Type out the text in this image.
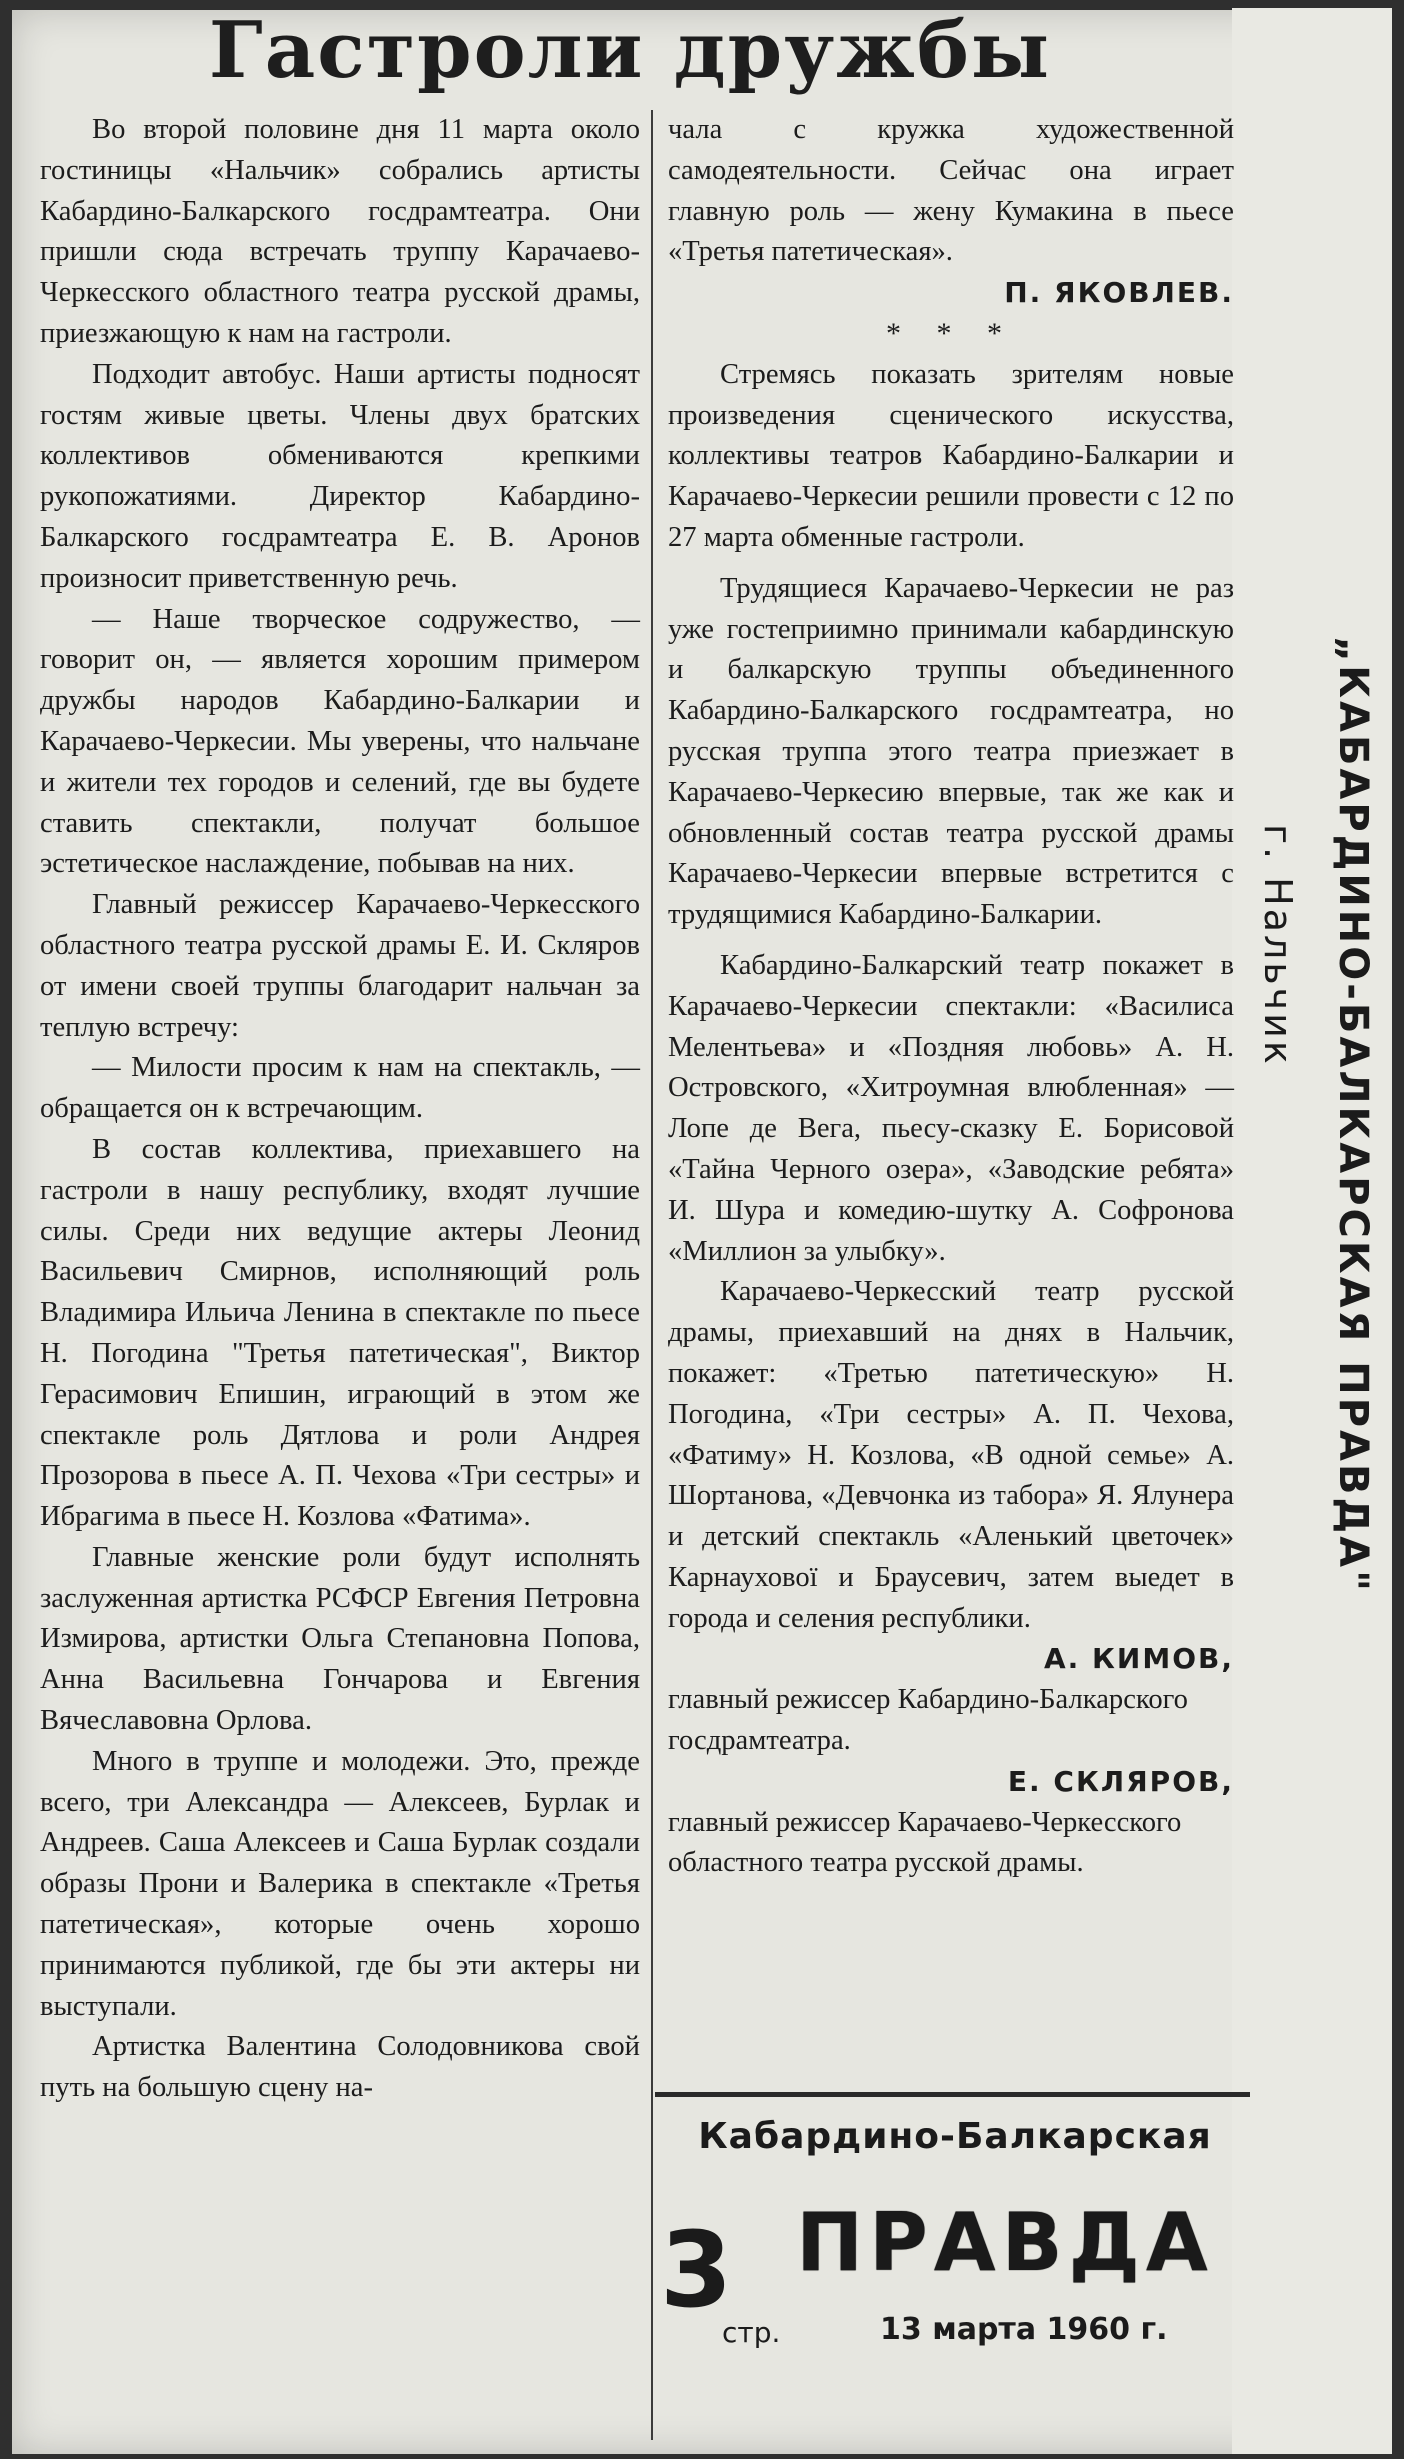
Гастроли дружбы

Во второй половине дня 11 марта около гостиницы «Нальчик» собрались артисты Кабардино-Балкарского госдрамтеатра. Они пришли сюда встречать труппу Карачаево-Черкесского областного театра русской драмы, приезжающую к нам на гастроли.

Подходит автобус. Наши артисты подносят гостям живые цветы. Члены двух братских коллективов обмениваются крепкими рукопожатиями. Директор Кабардино-Балкарского госдрамтеатра Е. В. Аронов произносит приветственную речь.

— Наше творческое содружество, — говорит он, — является хорошим примером дружбы народов Кабардино-Балкарии и Карачаево-Черкесии. Мы уверены, что нальчане и жители тех городов и селений, где вы будете ставить спектакли, получат большое эстетическое наслаждение, побывав на них.

Главный режиссер Карачаево-Черкесского областного театра русской драмы Е. И. Скляров от имени своей труппы благодарит нальчан за теплую встречу:

— Милости просим к нам на спектакль, — обращается он к встречающим.

В состав коллектива, приехавшего на гастроли в нашу республику, входят лучшие силы. Среди них ведущие актеры Леонид Васильевич Смирнов, исполняющий роль Владимира Ильича Ленина в спектакле по пьесе Н. Погодина "Третья патетическая", Виктор Герасимович Епишин, играющий в этом же спектакле роль Дятлова и роли Андрея Прозорова в пьесе А. П. Чехова «Три сестры» и Ибрагима в пьесе Н. Козлова «Фатима».

Главные женские роли будут исполнять заслуженная артистка РСФСР Евгения Петровна Измирова, артистки Ольга Степановна Попова, Анна Васильевна Гончарова и Евгения Вячеславовна Орлова.

Много в труппе и молодежи. Это, прежде всего, три Александра — Алексеев, Бурлак и Андреев. Саша Алексеев и Саша Бурлак создали образы Прони и Валерика в спектакле «Третья патетическая», которые очень хорошо принимаются публикой, где бы эти актеры ни выступали.

Артистка Валентина Солодовникова свой путь на большую сцену на-

чала с кружка художественной самодеятельности. Сейчас она играет главную роль — жену Кумакина в пьесе «Третья патетическая».

П. ЯКОВЛЕВ.

* * *

Стремясь показать зрителям новые произведения сценического искусства, коллективы театров Кабардино-Балкарии и Карачаево-Черкесии решили провести с 12 по 27 марта обменные гастроли.

Трудящиеся Карачаево-Черкесии не раз уже гостеприимно принимали кабардинскую и балкарскую труппы объединенного Кабардино-Балкарского госдрамтеатра, но русская труппа этого театра приезжает в Карачаево-Черкесию впервые, так же как и обновленный состав театра русской драмы Карачаево-Черкесии впервые встретится с трудящимися Кабардино-Балкарии.

Кабардино-Балкарский театр покажет в Карачаево-Черкесии спектакли: «Василиса Мелентьева» и «Поздняя любовь» А. Н. Островского, «Хитроумная влюбленная» — Лопе де Вега, пьесу-сказку Е. Борисовой «Тайна Черного озера», «Заводские ребята» И. Шура и комедию-шутку А. Софронова «Миллион за улыбку».

Карачаево-Черкесский театр русской драмы, приехавший на днях в Нальчик, покажет: «Третью патетическую» Н. Погодина, «Три сестры» А. П. Чехова, «Фатиму» Н. Козлова, «В одной семье» А. Шортанова, «Девчонка из табора» Я. Ялунера и детский спектакль «Аленький цветочек» Карнаухової и Браусевич, затем выедет в города и селения республики.

А. КИМОВ,

главный режиссер Кабардино-Балкарского госдрамтеатра.

Е. СКЛЯРОВ,

главный режиссер Карачаево-Черкесского областного театра русской драмы.

Кабардино-Балкарская
3
стр.
ПРАВДА
13 марта 1960 г.
„КАБАРДИНО-БАЛКАРСКАЯ ПРАВДА"
г. Нальчик
